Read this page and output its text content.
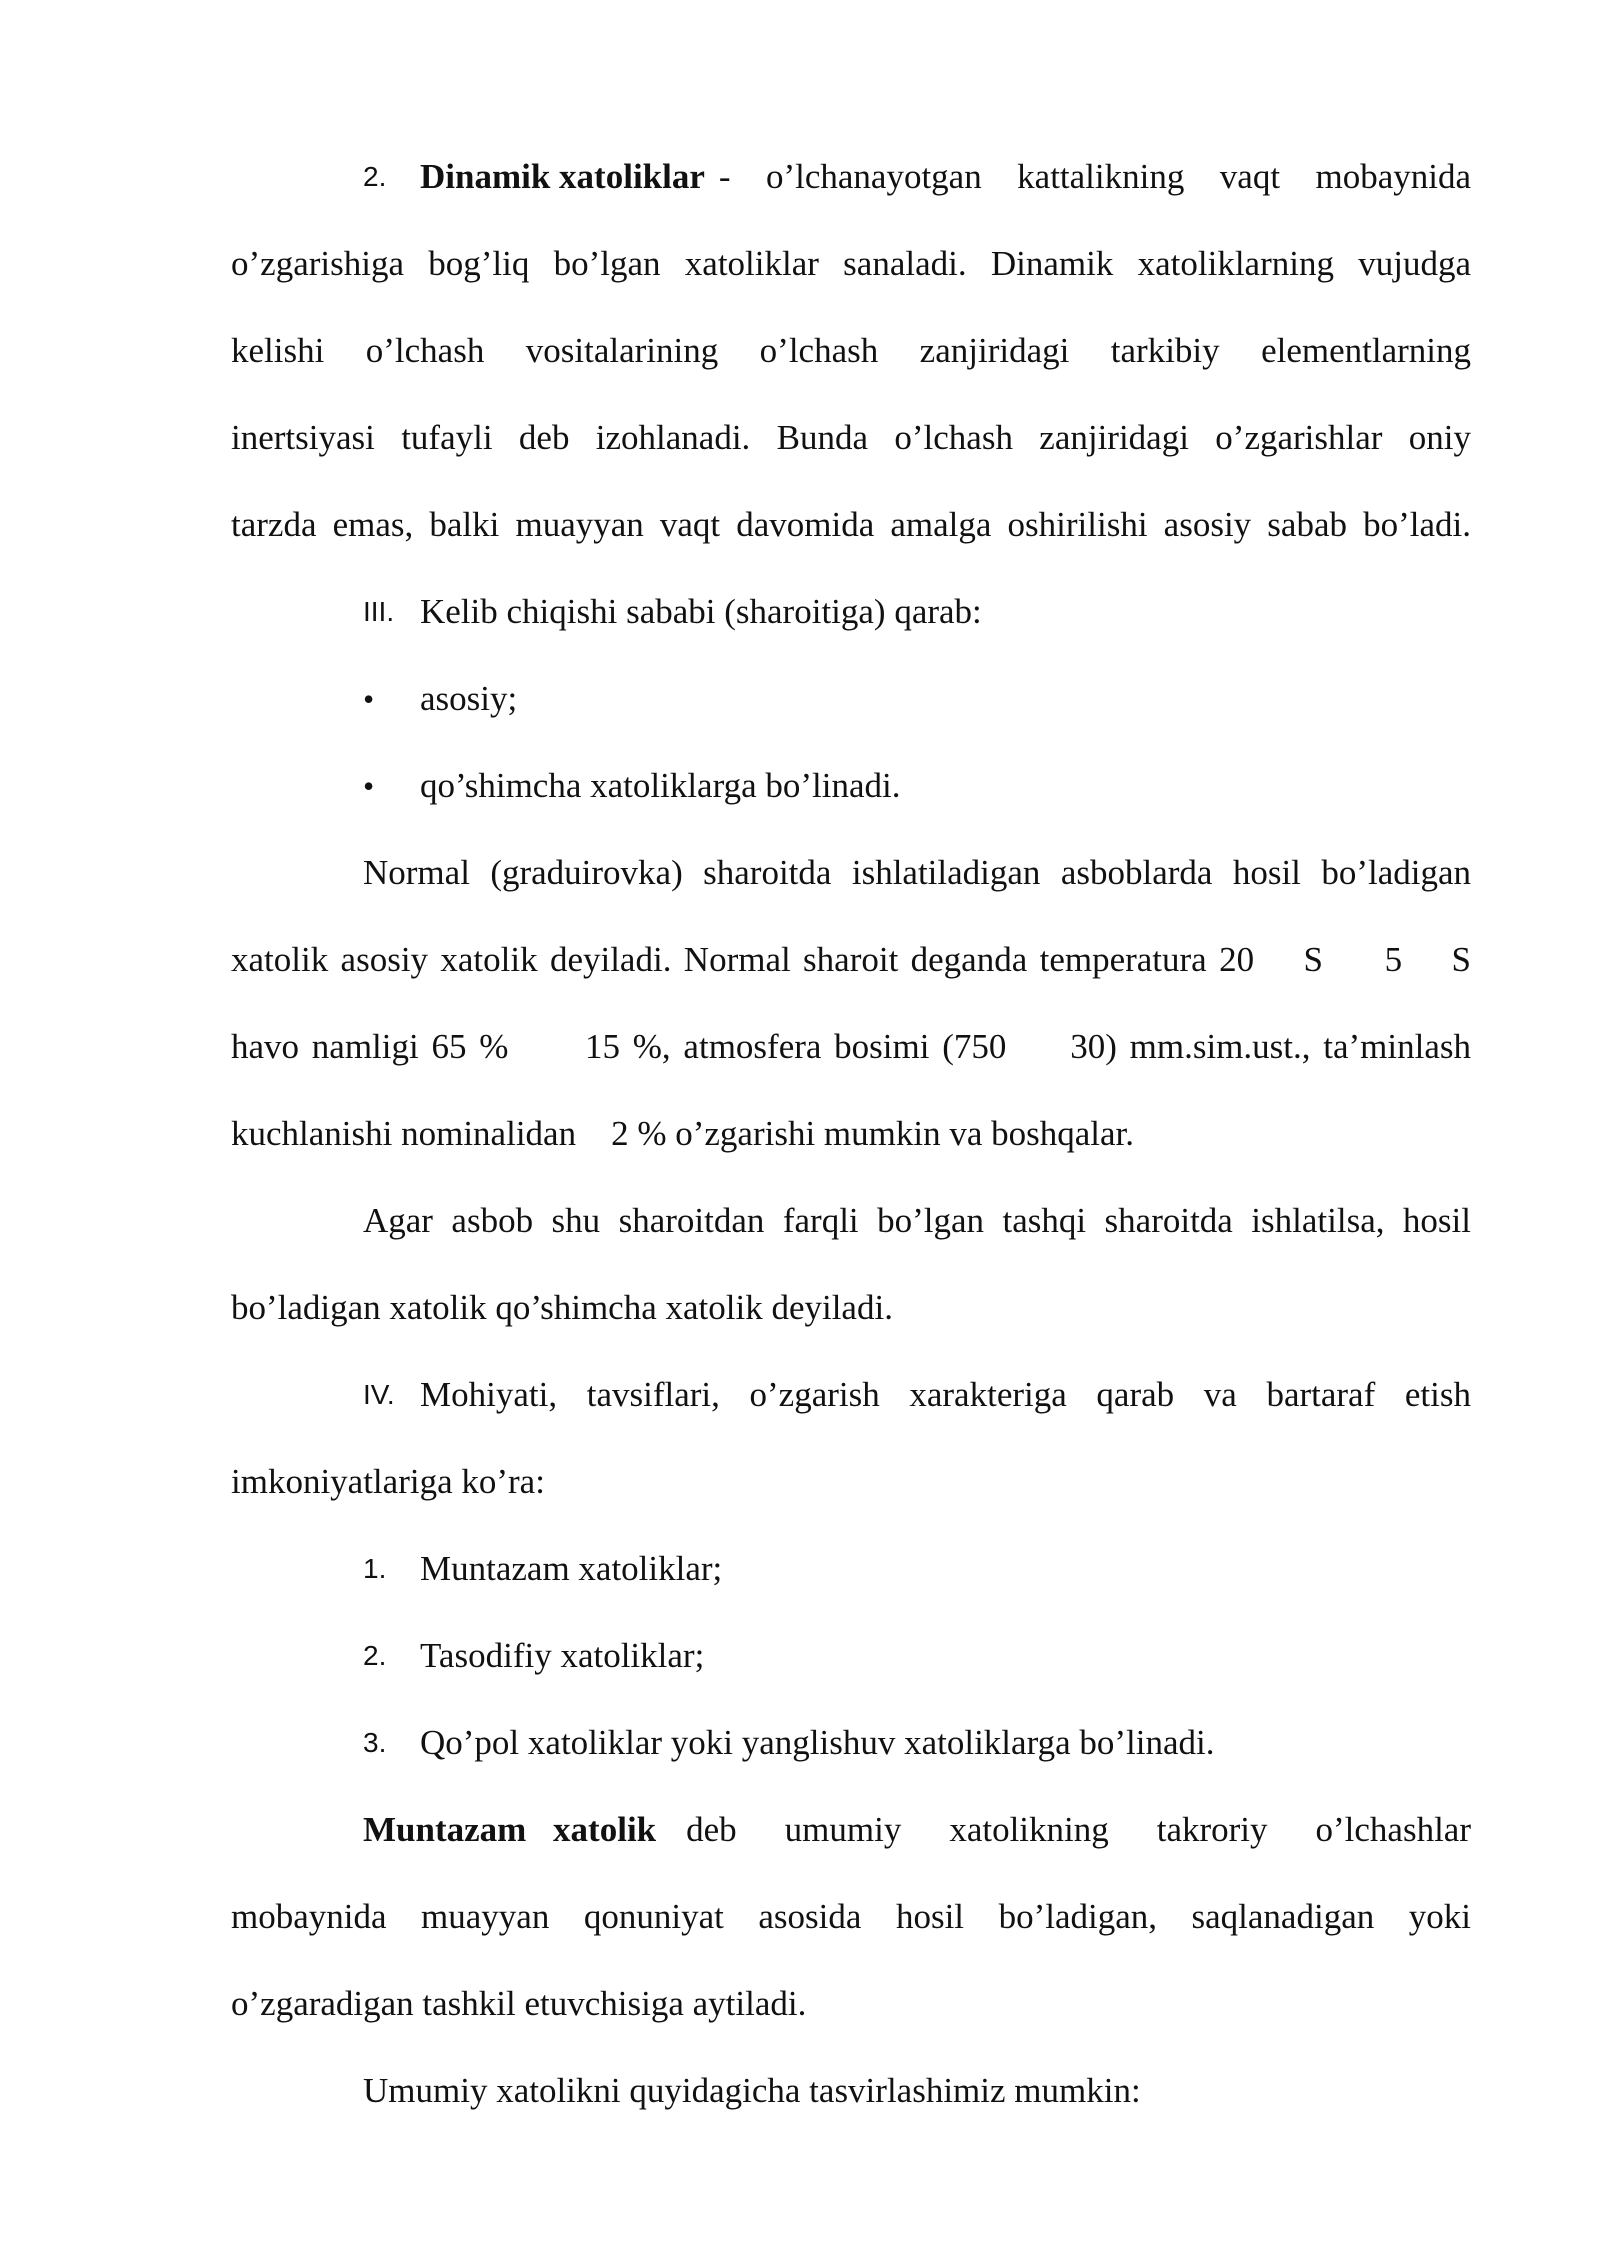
2. Dinamik xatoliklar - o’lchanayotgan kattalikning vaqt mobaynida
o’zgarishiga bog’liq bo’lgan xatoliklar sanaladi. Dinamik xatoliklarning vujudga
kelishi o’lchash vositalarining o’lchash zanjiridagi tarkibiy elementlarning
inertsiyasi tufayli deb izohlanadi. Bunda o’lchash zanjiridagi o’zgarishlar oniy
tarzda emas, balki muayyan vaqt davomida amalga oshirilishi asosiy sabab bo’ladi.
III. Kelib chiqishi sababi (sharoitiga) qarab:
•	asosiy;
•	qo’shimcha xatoliklarga bo’linadi.
Normal (graduirovka) sharoitda ishlatiladigan asboblarda hosil bo’ladigan
xatolik asosiy xatolik deyiladi. Normal sharoit deganda temperatura 20    S     5    S
havo namligi 65 %      15 %, atmosfera bosimi (750     30) mm.sim.ust., ta’minlash
kuchlanishi nominalidan    2 % o’zgarishi mumkin va boshqalar.
Agar asbob shu sharoitdan farqli bo’lgan tashqi sharoitda ishlatilsa, hosil
bo’ladigan xatolik qo’shimcha xatolik deyiladi.
IV. Mohiyati, tavsiflari, o’zgarish xarakteriga qarab va bartaraf etish
imkoniyatlariga ko’ra:
1. Muntazam xatoliklar;
2. Tasodifiy xatoliklar;
3. Qo’pol xatoliklar yoki yanglishuv xatoliklarga bo’linadi.
Muntazam xatolik deb umumiy xatolikning takroriy o’lchashlar
mobaynida muayyan qonuniyat asosida hosil bo’ladigan, saqlanadigan yoki
o’zgaradigan tashkil etuvchisiga aytiladi.
Umumiy xatolikni quyidagicha tasvirlashimiz mumkin:
